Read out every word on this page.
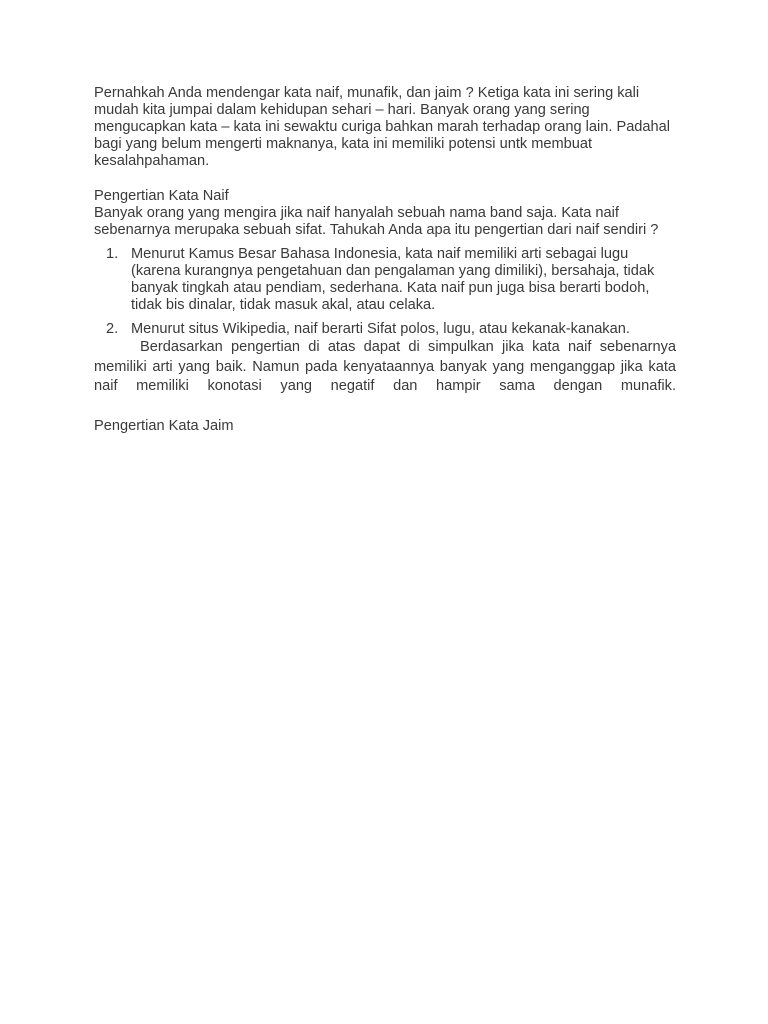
Pernahkah Anda mendengar kata naif, munafik, dan jaim ? Ketiga kata ini sering kali mudah kita jumpai dalam kehidupan sehari – hari. Banyak orang yang sering mengucapkan kata – kata ini sewaktu curiga bahkan marah terhadap orang lain. Padahal bagi yang belum mengerti maknanya, kata ini memiliki potensi untk membuat kesalahpahaman.

Pengertian Kata Naif

Banyak orang yang mengira jika naif hanyalah sebuah nama band saja. Kata naif sebenarnya merupaka sebuah sifat. Tahukah Anda apa itu pengertian dari naif sendiri ?

1. Menurut Kamus Besar Bahasa Indonesia, kata naif memiliki arti sebagai lugu (karena kurangnya pengetahuan dan pengalaman yang dimiliki), bersahaja, tidak banyak tingkah atau pendiam, sederhana. Kata naif pun juga bisa berarti bodoh, tidak bis dinalar, tidak masuk akal, atau celaka.
2. Menurut situs Wikipedia, naif berarti Sifat polos, lugu, atau kekanak-kanakan.

Berdasarkan pengertian di atas dapat di simpulkan jika kata naif sebenarnya memiliki arti yang baik. Namun pada kenyataannya banyak yang menganggap jika kata naif memiliki konotasi yang negatif dan hampir sama dengan munafik.

Pengertian Kata Jaim
